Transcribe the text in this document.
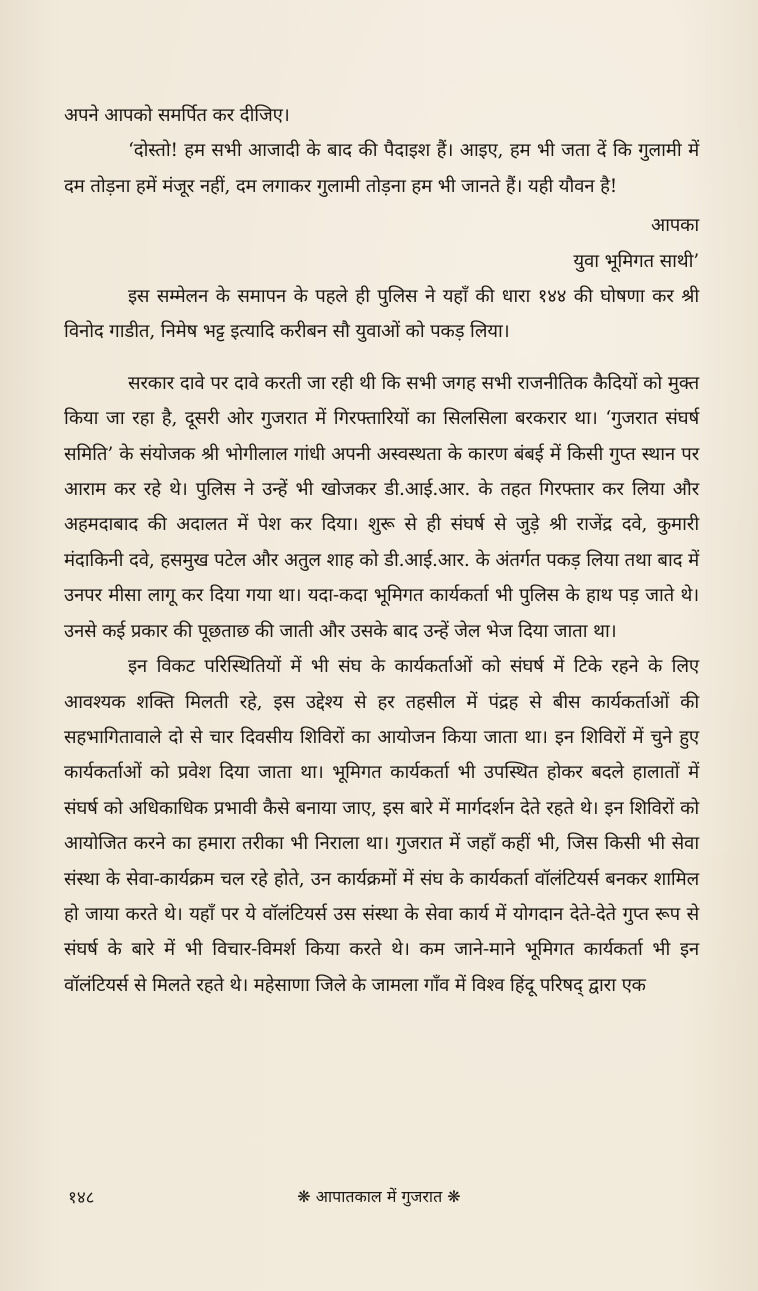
अपने आपको समर्पित कर दीजिए।

‘दोस्तो! हम सभी आजादी के बाद की पैदाइश हैं। आइए, हम भी जता दें कि गुलामी में दम तोड़ना हमें मंजूर नहीं, दम लगाकर गुलामी तोड़ना हम भी जानते हैं। यही यौवन है!

आपका

युवा भूमिगत साथी’

इस सम्मेलन के समापन के पहले ही पुलिस ने यहाँ की धारा १४४ की घोषणा कर श्री विनोद गाडीत, निमेष भट्ट इत्यादि करीबन सौ युवाओं को पकड़ लिया।

सरकार दावे पर दावे करती जा रही थी कि सभी जगह सभी राजनीतिक कैदियों को मुक्त किया जा रहा है, दूसरी ओर गुजरात में गिरफ्तारियों का सिलसिला बरकरार था। ‘गुजरात संघर्ष समिति’ के संयोजक श्री भोगीलाल गांधी अपनी अस्वस्थता के कारण बंबई में किसी गुप्त स्थान पर आराम कर रहे थे। पुलिस ने उन्हें भी खोजकर डी.आई.आर. के तहत गिरफ्तार कर लिया और अहमदाबाद की अदालत में पेश कर दिया। शुरू से ही संघर्ष से जुड़े श्री राजेंद्र दवे, कुमारी मंदाकिनी दवे, हसमुख पटेल और अतुल शाह को डी.आई.आर. के अंतर्गत पकड़ लिया तथा बाद में उनपर मीसा लागू कर दिया गया था। यदा-कदा भूमिगत कार्यकर्ता भी पुलिस के हाथ पड़ जाते थे। उनसे कई प्रकार की पूछताछ की जाती और उसके बाद उन्हें जेल भेज दिया जाता था।

इन विकट परिस्थितियों में भी संघ के कार्यकर्ताओं को संघर्ष में टिके रहने के लिए आवश्यक शक्ति मिलती रहे, इस उद्देश्य से हर तहसील में पंद्रह से बीस कार्यकर्ताओं की सहभागितावाले दो से चार दिवसीय शिविरों का आयोजन किया जाता था। इन शिविरों में चुने हुए कार्यकर्ताओं को प्रवेश दिया जाता था। भूमिगत कार्यकर्ता भी उपस्थित होकर बदले हालातों में संघर्ष को अधिकाधिक प्रभावी कैसे बनाया जाए, इस बारे में मार्गदर्शन देते रहते थे। इन शिविरों को आयोजित करने का हमारा तरीका भी निराला था। गुजरात में जहाँ कहीं भी, जिस किसी भी सेवा संस्था के सेवा-कार्यक्रम चल रहे होते, उन कार्यक्रमों में संघ के कार्यकर्ता वॉलंटियर्स बनकर शामिल हो जाया करते थे। यहाँ पर ये वॉलंटियर्स उस संस्था के सेवा कार्य में योगदान देते-देते गुप्त रूप से संघर्ष के बारे में भी विचार-विमर्श किया करते थे। कम जाने-माने भूमिगत कार्यकर्ता भी इन वॉलंटियर्स से मिलते रहते थे। महेसाणा जिले के जामला गाँव में विश्व हिंदू परिषद् द्वारा एक

१४८	❋ आपातकाल में गुजरात ❋
